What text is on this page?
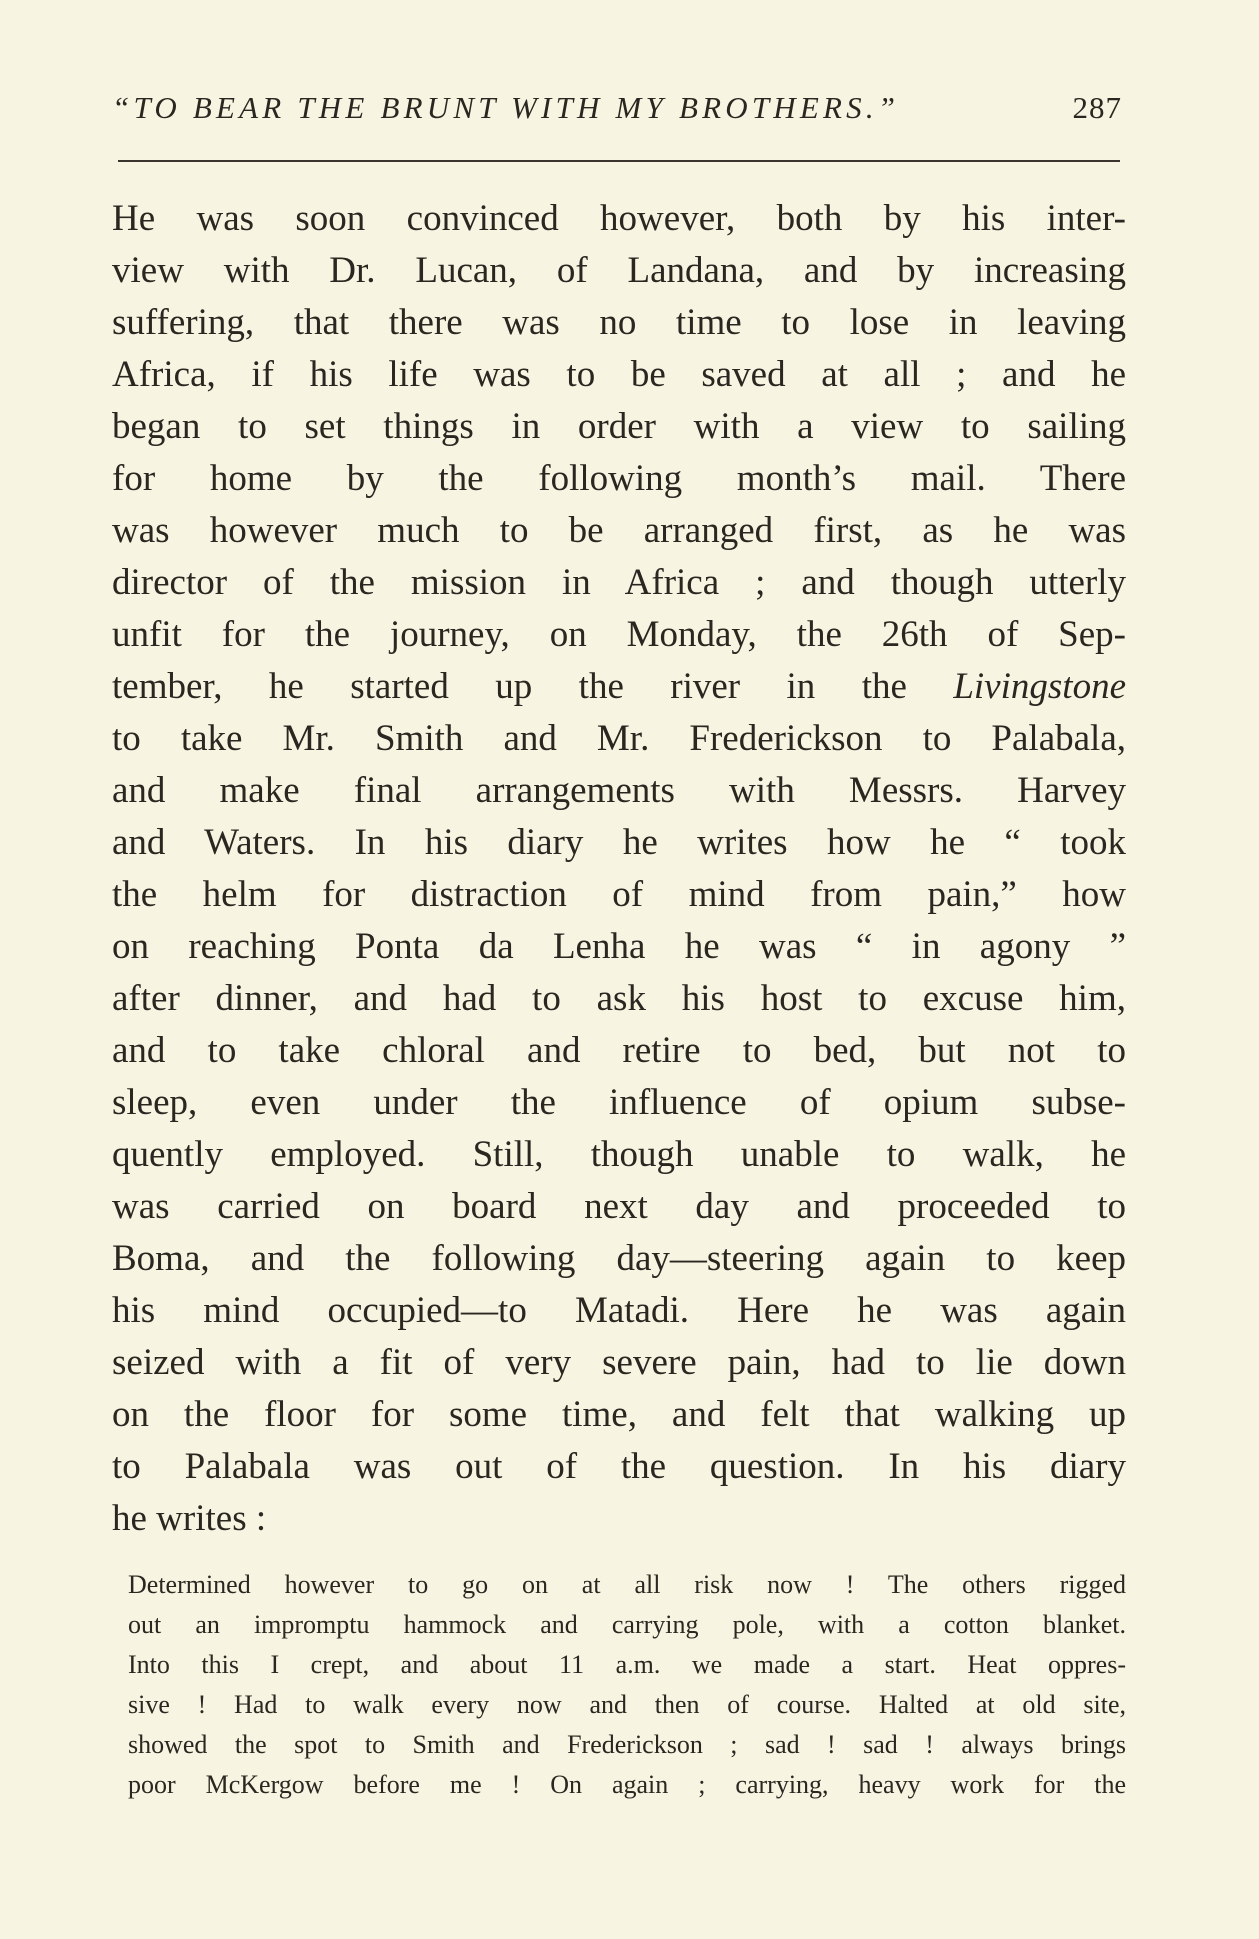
“TO BEAR THE BRUNT WITH MY BROTHERS.”	287
He was soon convinced however, both by his inter-
view with Dr. Lucan, of Landana, and by increasing
suffering, that there was no time to lose in leaving
Africa, if his life was to be saved at all ; and he
began to set things in order with a view to sailing
for home by the following month’s mail. There
was however much to be arranged first, as he was
director of the mission in Africa ; and though utterly
unfit for the journey, on Monday, the 26th of Sep-
tember, he started up the river in the Livingstone
to take Mr. Smith and Mr. Frederickson to Palabala,
and make final arrangements with Messrs. Harvey
and Waters. In his diary he writes how he “ took
the helm for distraction of mind from pain,” how
on reaching Ponta da Lenha he was “ in agony ”
after dinner, and had to ask his host to excuse him,
and to take chloral and retire to bed, but not to
sleep, even under the influence of opium subse-
quently employed. Still, though unable to walk, he
was carried on board next day and proceeded to
Boma, and the following day—steering again to keep
his mind occupied—to Matadi. Here he was again
seized with a fit of very severe pain, had to lie down
on the floor for some time, and felt that walking up
to Palabala was out of the question. In his diary
he writes :
Determined however to go on at all risk now ! The others rigged
out an impromptu hammock and carrying pole, with a cotton blanket.
Into this I crept, and about 11 a.m. we made a start. Heat oppres-
sive ! Had to walk every now and then of course. Halted at old site,
showed the spot to Smith and Frederickson ; sad ! sad ! always brings
poor McKergow before me ! On again ; carrying, heavy work for the
